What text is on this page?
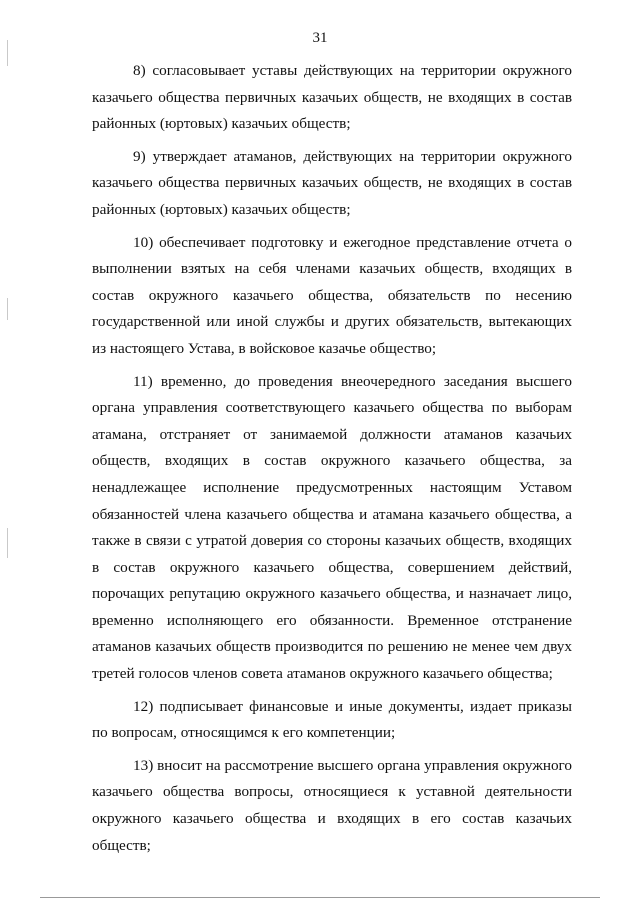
31

8) согласовывает уставы действующих на территории окружного казачьего общества первичных казачьих обществ, не входящих в состав районных (юртовых) казачьих обществ;

9) утверждает атаманов, действующих на территории окружного казачьего общества первичных казачьих обществ, не входящих в состав районных (юртовых) казачьих обществ;

10) обеспечивает подготовку и ежегодное представление отчета о выполнении взятых на себя членами казачьих обществ, входящих в состав окружного казачьего общества, обязательств по несению государственной или иной службы и других обязательств, вытекающих из настоящего Устава, в войсковое казачье общество;

11) временно, до проведения внеочередного заседания высшего органа управления соответствующего казачьего общества по выборам атамана, отстраняет от занимаемой должности атаманов казачьих обществ, входящих в состав окружного казачьего общества, за ненадлежащее исполнение предусмотренных настоящим Уставом обязанностей члена казачьего общества и атамана казачьего общества, а также в связи с утратой доверия со стороны казачьих обществ, входящих в состав окружного казачьего общества, совершением действий, порочащих репутацию окружного казачьего общества, и назначает лицо, временно исполняющего его обязанности. Временное отстранение атаманов казачьих обществ производится по решению не менее чем двух третей голосов членов совета атаманов окружного казачьего общества;

12) подписывает финансовые и иные документы, издает приказы по вопросам, относящимся к его компетенции;

13) вносит на рассмотрение высшего органа управления окружного казачьего общества вопросы, относящиеся к уставной деятельности окружного казачьего общества и входящих в его состав казачьих обществ;
